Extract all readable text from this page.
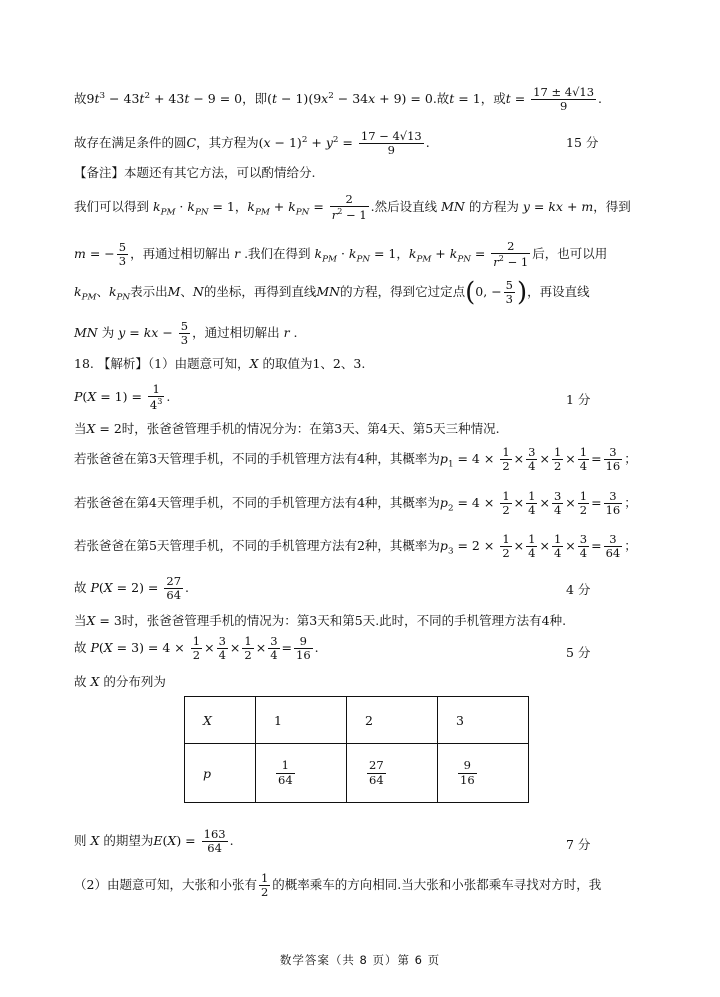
故$9t^3 - 43t^2 + 43t - 9 = 0$，即$(t - 1)(9x^2 - 34x + 9) = 0$.故t = 1，或$t = \frac{17 \pm 4√13}{9}$ .
故存在满足条件的圆C，其方程为$(x - 1)^2 + y^2 = \frac{17 - 4√13}{9}$ .	15 分
【备注】本题还有其它方法，可以酌情给分.
我们可以得到 $k_{PM} \cdot k_{PN} = 1$，$k_{PM} + k_{PN} = \frac{2}{r^2 - 1}$ .然后设直线 MN 的方程为 y = kx + m，得到
m = − $\frac{5}{3}$ ，再通过相切解出 r .我们在得到 $k_{PM} \cdot k_{PN} = 1$，$k_{PM} + k_{PN} = \frac{2}{r^2 - 1}$ 后，也可以用
$k_{PM}$、$k_{PN}$表示出M、N的坐标，再得到直线MN的方程，得到它过定点(0, − $\frac{5}{3}$ )，再设直线
MN 为 y = kx − $\frac{5}{3}$ ，通过相切解出 r .
18. 【解析】（1）由题意可知，X 的取值为1、2、3.
$P(X = 1) = \frac{1}{4^3}$ .	1 分
当X = 2时，张爸爸管理手机的情况分为：在第3天、第4天、第5天三种情况.
若张爸爸在第3天管理手机，不同的手机管理方法有4种，其概率为$p_1 = 4 \times \frac{1}{2} \times \frac{3}{4} \times \frac{1}{2} \times \frac{1}{4} = \frac{3}{16}$ ；
若张爸爸在第4天管理手机，不同的手机管理方法有4种，其概率为$p_2 = 4 \times \frac{1}{2} \times \frac{1}{4} \times \frac{3}{4} \times \frac{1}{2} = \frac{3}{16}$ ；
若张爸爸在第5天管理手机，不同的手机管理方法有2种，其概率为$p_3 = 2 \times \frac{1}{2} \times \frac{1}{4} \times \frac{1}{4} \times \frac{3}{4} = \frac{3}{64}$ ；
故 $P(X = 2) = \frac{27}{64}$ .	4 分
当X = 3时，张爸爸管理手机的情况为：第3天和第5天.此时，不同的手机管理方法有4种.
故 $P(X = 3) = 4 \times \frac{1}{2} \times \frac{3}{4} \times \frac{1}{2} \times \frac{3}{4} = \frac{9}{16}$ .	5 分
故 X 的分布列为
X	1	2	3
p	$\frac{1}{64}$	$\frac{27}{64}$	$\frac{9}{16}$
则 X 的期望为$E(X) = \frac{163}{64}$ .	7 分
（2）由题意可知，大张和小张有 $\frac{1}{2}$ 的概率乘车的方向相同.当大张和小张都乘车寻找对方时，我
数学答案（共 8 页）第 6 页
